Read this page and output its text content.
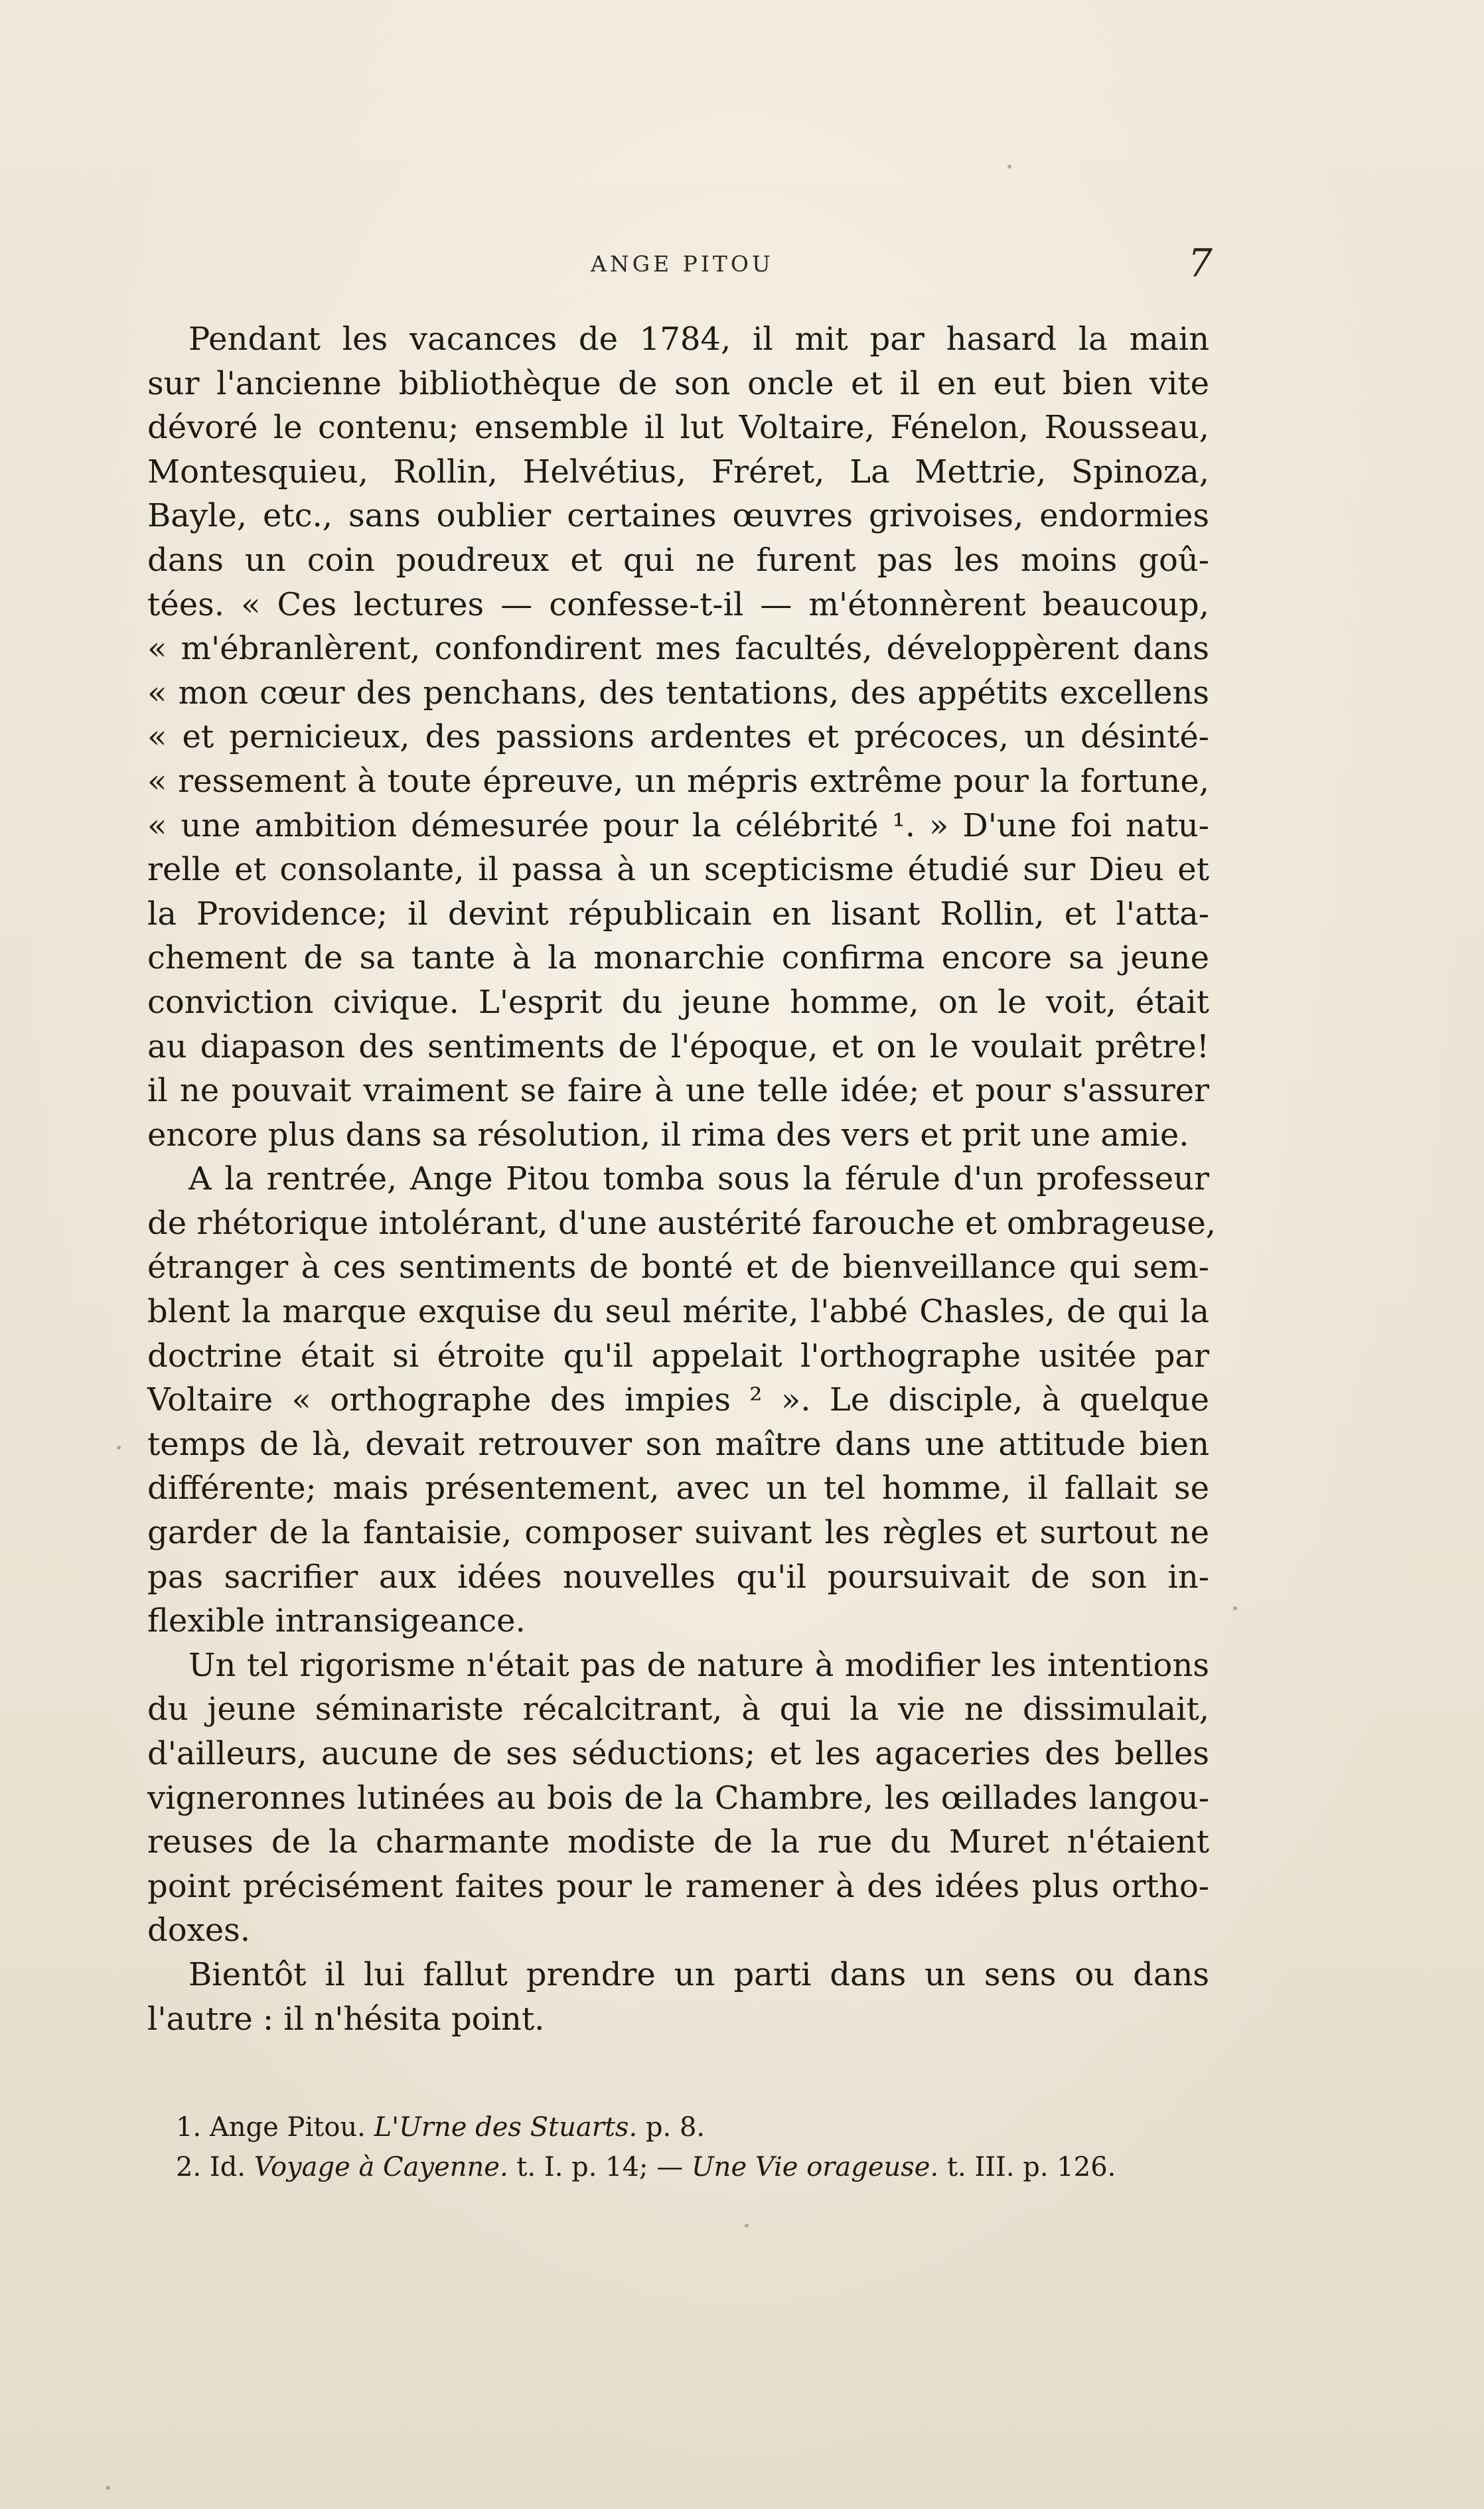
ANGE PITOU	7
Pendant les vacances de 1784, il mit par hasard la main
sur l'ancienne bibliothèque de son oncle et il en eut bien vite
dévoré le contenu; ensemble il lut Voltaire, Fénelon, Rousseau,
Montesquieu, Rollin, Helvétius, Fréret, La Mettrie, Spinoza,
Bayle, etc., sans oublier certaines œuvres grivoises, endormies
dans un coin poudreux et qui ne furent pas les moins goû-
tées. « Ces lectures — confesse-t-il — m'étonnèrent beaucoup,
« m'ébranlèrent, confondirent mes facultés, développèrent dans
« mon cœur des penchans, des tentations, des appétits excellens
« et pernicieux, des passions ardentes et précoces, un désinté-
« ressement à toute épreuve, un mépris extrême pour la fortune,
« une ambition démesurée pour la célébrité ¹. » D'une foi natu-
relle et consolante, il passa à un scepticisme étudié sur Dieu et
la Providence; il devint républicain en lisant Rollin, et l'atta-
chement de sa tante à la monarchie confirma encore sa jeune
conviction civique. L'esprit du jeune homme, on le voit, était
au diapason des sentiments de l'époque, et on le voulait prêtre!
il ne pouvait vraiment se faire à une telle idée; et pour s'assurer
encore plus dans sa résolution, il rima des vers et prit une amie.
A la rentrée, Ange Pitou tomba sous la férule d'un professeur
de rhétorique intolérant, d'une austérité farouche et ombrageuse,
étranger à ces sentiments de bonté et de bienveillance qui sem-
blent la marque exquise du seul mérite, l'abbé Chasles, de qui la
doctrine était si étroite qu'il appelait l'orthographe usitée par
Voltaire « orthographe des impies ² ». Le disciple, à quelque
temps de là, devait retrouver son maître dans une attitude bien
différente; mais présentement, avec un tel homme, il fallait se
garder de la fantaisie, composer suivant les règles et surtout ne
pas sacrifier aux idées nouvelles qu'il poursuivait de son in-
flexible intransigeance.
Un tel rigorisme n'était pas de nature à modifier les intentions
du jeune séminariste récalcitrant, à qui la vie ne dissimulait,
d'ailleurs, aucune de ses séductions; et les agaceries des belles
vigneronnes lutinées au bois de la Chambre, les œillades langou-
reuses de la charmante modiste de la rue du Muret n'étaient
point précisément faites pour le ramener à des idées plus ortho-
doxes.
Bientôt il lui fallut prendre un parti dans un sens ou dans
l'autre : il n'hésita point.
1. Ange Pitou. L'Urne des Stuarts. p. 8.
2. Id. Voyage à Cayenne. t. I. p. 14; — Une Vie orageuse. t. III. p. 126.
